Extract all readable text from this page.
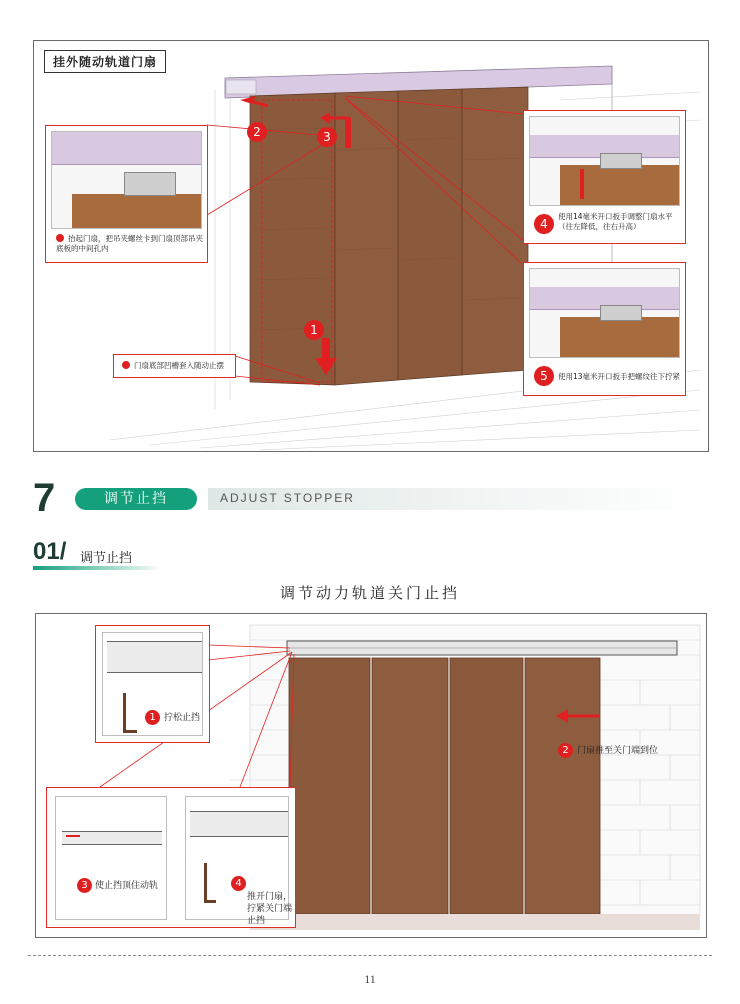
挂外随动轨道门扇
1
2	3
抬起门扇，把吊夹螺丝卡到门扇顶部吊夹底板的中间孔内
门扇底部凹槽套入随动止摆
4
使用14毫米开口扳手调整门扇水平（往左降低，往右升高）
5	使用13毫米开口扳手把螺纹往下拧紧
7	调节止挡	ADJUST STOPPER
01/ 调节止挡
调节动力轨道关门止挡
1 拧松止挡
2 门扇推至关门端到位
3 使止挡顶住动轨	4
推开门扇，拧紧关门端止挡
11
